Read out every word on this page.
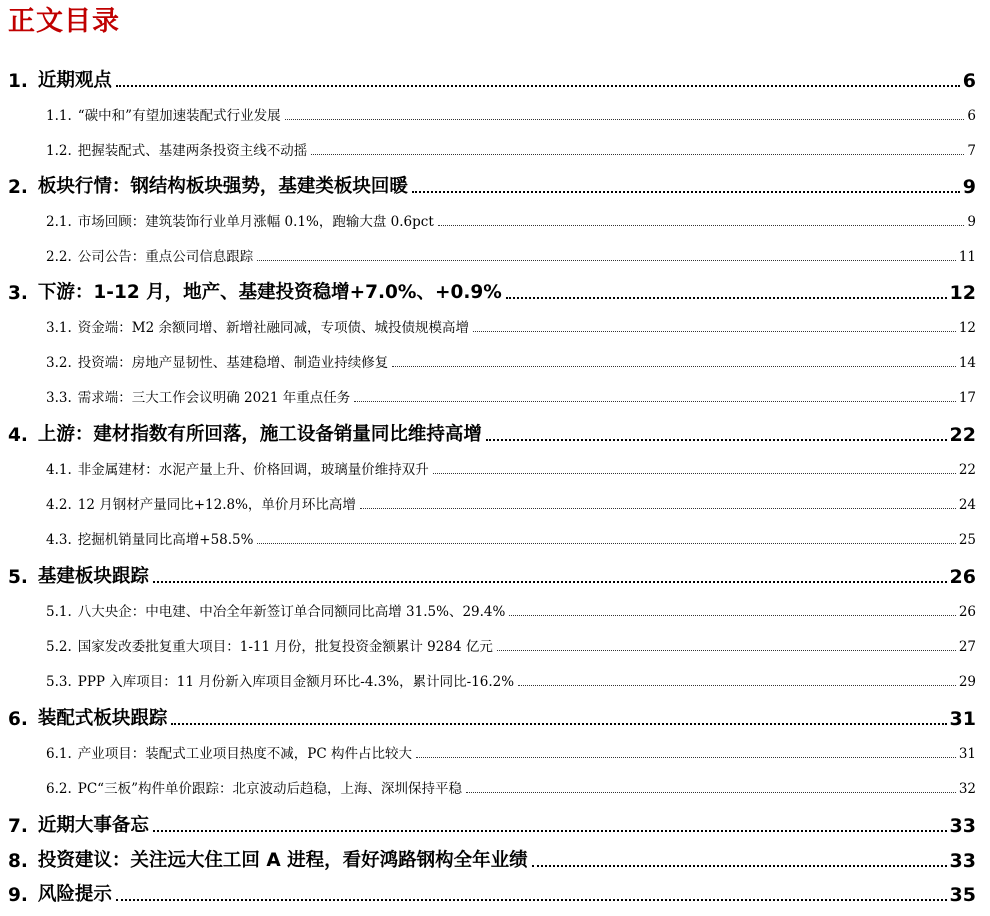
正文目录
1. 近期观点	6
1.1. “碳中和”有望加速装配式行业发展	6
1.2. 把握装配式、基建两条投资主线不动摇	7
2. 板块行情：钢结构板块强势，基建类板块回暖	9
2.1. 市场回顾：建筑装饰行业单月涨幅 0.1%，跑输大盘 0.6pct	9
2.2. 公司公告：重点公司信息跟踪	11
3. 下游：1-12 月，地产、基建投资稳增+7.0%、+0.9%	12
3.1. 资金端：M2 余额同增、新增社融同减，专项债、城投债规模高增	12
3.2. 投资端：房地产显韧性、基建稳增、制造业持续修复	14
3.3. 需求端：三大工作会议明确 2021 年重点任务	17
4. 上游：建材指数有所回落，施工设备销量同比维持高增	22
4.1. 非金属建材：水泥产量上升、价格回调，玻璃量价维持双升	22
4.2. 12 月钢材产量同比+12.8%，单价月环比高增	24
4.3. 挖掘机销量同比高增+58.5%	25
5. 基建板块跟踪	26
5.1. 八大央企：中电建、中冶全年新签订单合同额同比高增 31.5%、29.4%	26
5.2. 国家发改委批复重大项目：1-11 月份，批复投资金额累计 9284 亿元	27
5.3. PPP 入库项目：11 月份新入库项目金额月环比-4.3%，累计同比-16.2%	29
6. 装配式板块跟踪	31
6.1. 产业项目：装配式工业项目热度不减，PC 构件占比较大	31
6.2. PC“三板”构件单价跟踪：北京波动后趋稳，上海、深圳保持平稳	32
7. 近期大事备忘	33
8. 投资建议：关注远大住工回 A 进程，看好鸿路钢构全年业绩	33
9. 风险提示	35
